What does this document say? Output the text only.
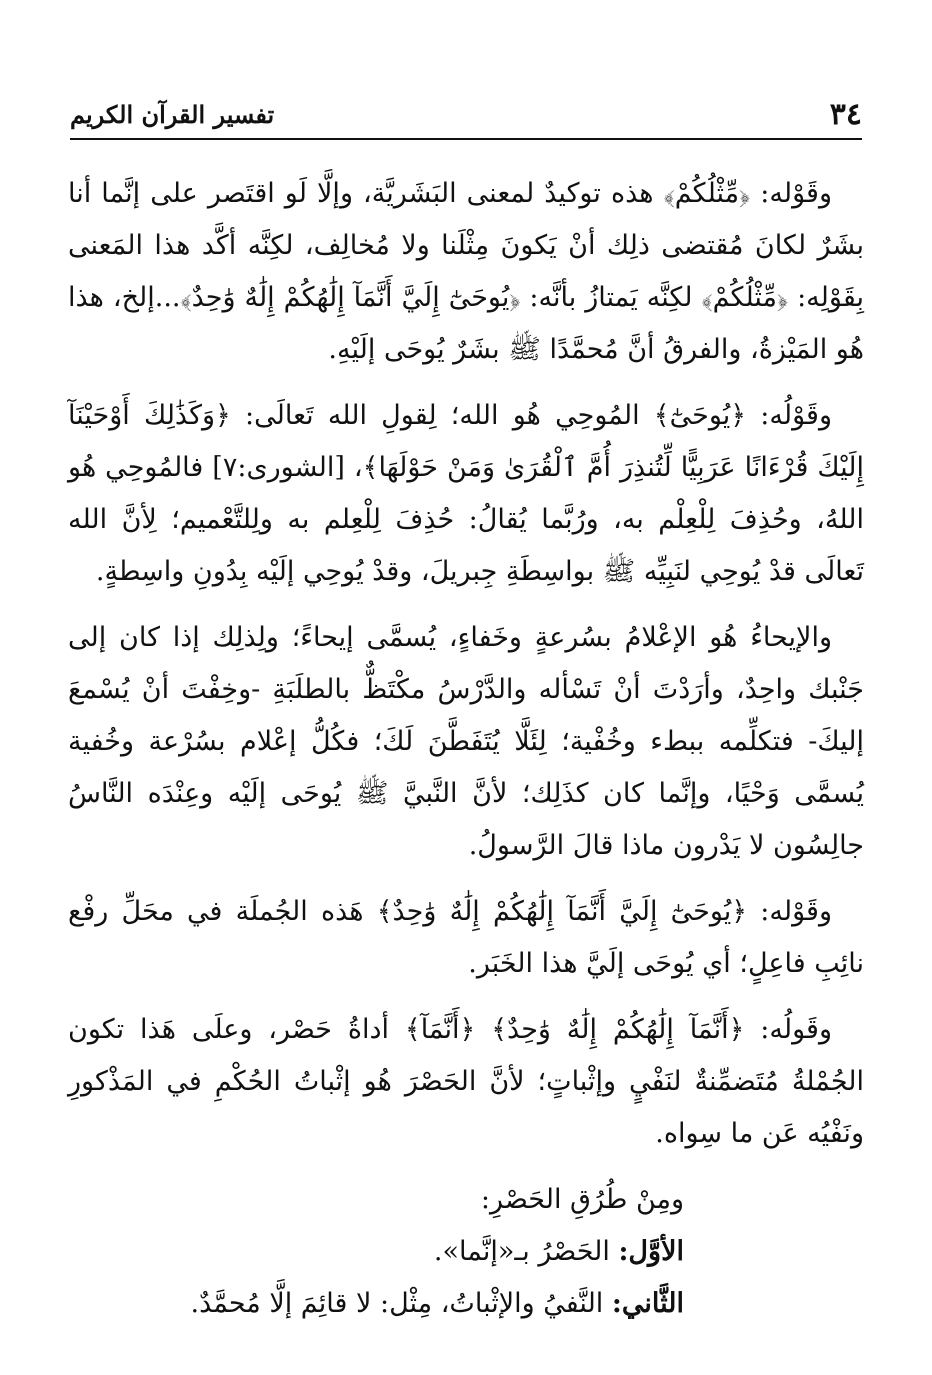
٣٤
تفسير القرآن الكريم

وقَوْله: ﴿مِّثْلُكُمْ﴾ هذه توكيدٌ لمعنى البَشَريَّة، وإلَّا لَو اقتَصر على إنَّما أنا بشَرٌ لكانَ مُقتضى ذلِك أنْ يَكونَ مِثْلَنا ولا مُخالِف، لكِنَّه أكَّد هذا المَعنى بِقَوْلِه: ﴿مِّثْلُكُمْ﴾ لكِنَّه يَمتازُ بأنَّه: ﴿يُوحَىٰٓ إِلَيَّ أَنَّمَآ إِلَٰهُكُمْ إِلَٰهٌ وَٰحِدٌ﴾...إلخ، هذا هُو المَيْزةُ، والفرقُ أنَّ مُحمَّدًا ﷺ بشَرٌ يُوحَى إلَيْهِ.

وقَوْلُه: ﴿يُوحَىٰٓ﴾ المُوحِي هُو الله؛ لِقولِ الله تَعالَى: ﴿وَكَذَٰلِكَ أَوْحَيْنَآ إِلَيْكَ قُرْءَانًا عَرَبِيًّا لِّتُنذِرَ أُمَّ ٱلْقُرَىٰ وَمَنْ حَوْلَهَا﴾، [الشورى:٧] فالمُوحِي هُو اللهُ، وحُذِفَ لِلْعِلْم به، ورُبَّما يُقالُ: حُذِفَ لِلْعِلم به ولِلتَّعْميم؛ لِأنَّ الله تَعالَى قدْ يُوحِي لنَبِيِّه ﷺ بواسِطَةِ جِبريلَ، وقدْ يُوحِي إلَيْه بِدُونِ واسِطةٍ.

والإيحاءُ هُو الإعْلامُ بسُرعةٍ وخَفاءٍ، يُسمَّى إيحاءً؛ ولِذلِك إذا كان إلى جَنْبك واحِدٌ، وأرَدْتَ أنْ تَسْأله والدَّرْسُ مكْتَظٌّ بالطلَبَةِ -وخِفْتَ أنْ يُسْمعَ إليكَ- فتكلِّمه ببطء وخُفْية؛ لِئَلَّا يُتَفَطَّنَ لَكَ؛ فكُلُّ إعْلام بسُرْعة وخُفية يُسمَّى وَحْيًا، وإنَّما كان كذَلِك؛ لأنَّ النَّبيَّ ﷺ يُوحَى إلَيْه وعِنْدَه النَّاسُ جالِسُون لا يَدْرون ماذا قالَ الرَّسولُ.

وقَوْله: ﴿يُوحَىٰٓ إِلَيَّ أَنَّمَآ إِلَٰهُكُمْ إِلَٰهٌ وَٰحِدٌ﴾ هَذه الجُملَة في محَلِّ رفْع نائِبِ فاعِلٍ؛ أي يُوحَى إلَيَّ هذا الخَبَر.

وقَولُه: ﴿أَنَّمَآ إِلَٰهُكُمْ إِلَٰهٌ وَٰحِدٌ﴾ ﴿أَنَّمَآ﴾ أداةُ حَصْر، وعلَى هَذا تكون الجُمْلةُ مُتَضمِّنةٌ لنَفْيٍ وإثْباتٍ؛ لأنَّ الحَصْرَ هُو إثْباتُ الحُكْمِ في المَذْكورِ ونَفْيُه عَن ما سِواه.

ومِنْ طُرُقِ الحَصْرِ:

الأوَّل: الحَصْرُ بـ«إنَّما».

الثَّاني: النَّفيُ والإثْباتُ، مِثْل: لا قائِمَ إلَّا مُحمَّدٌ.
